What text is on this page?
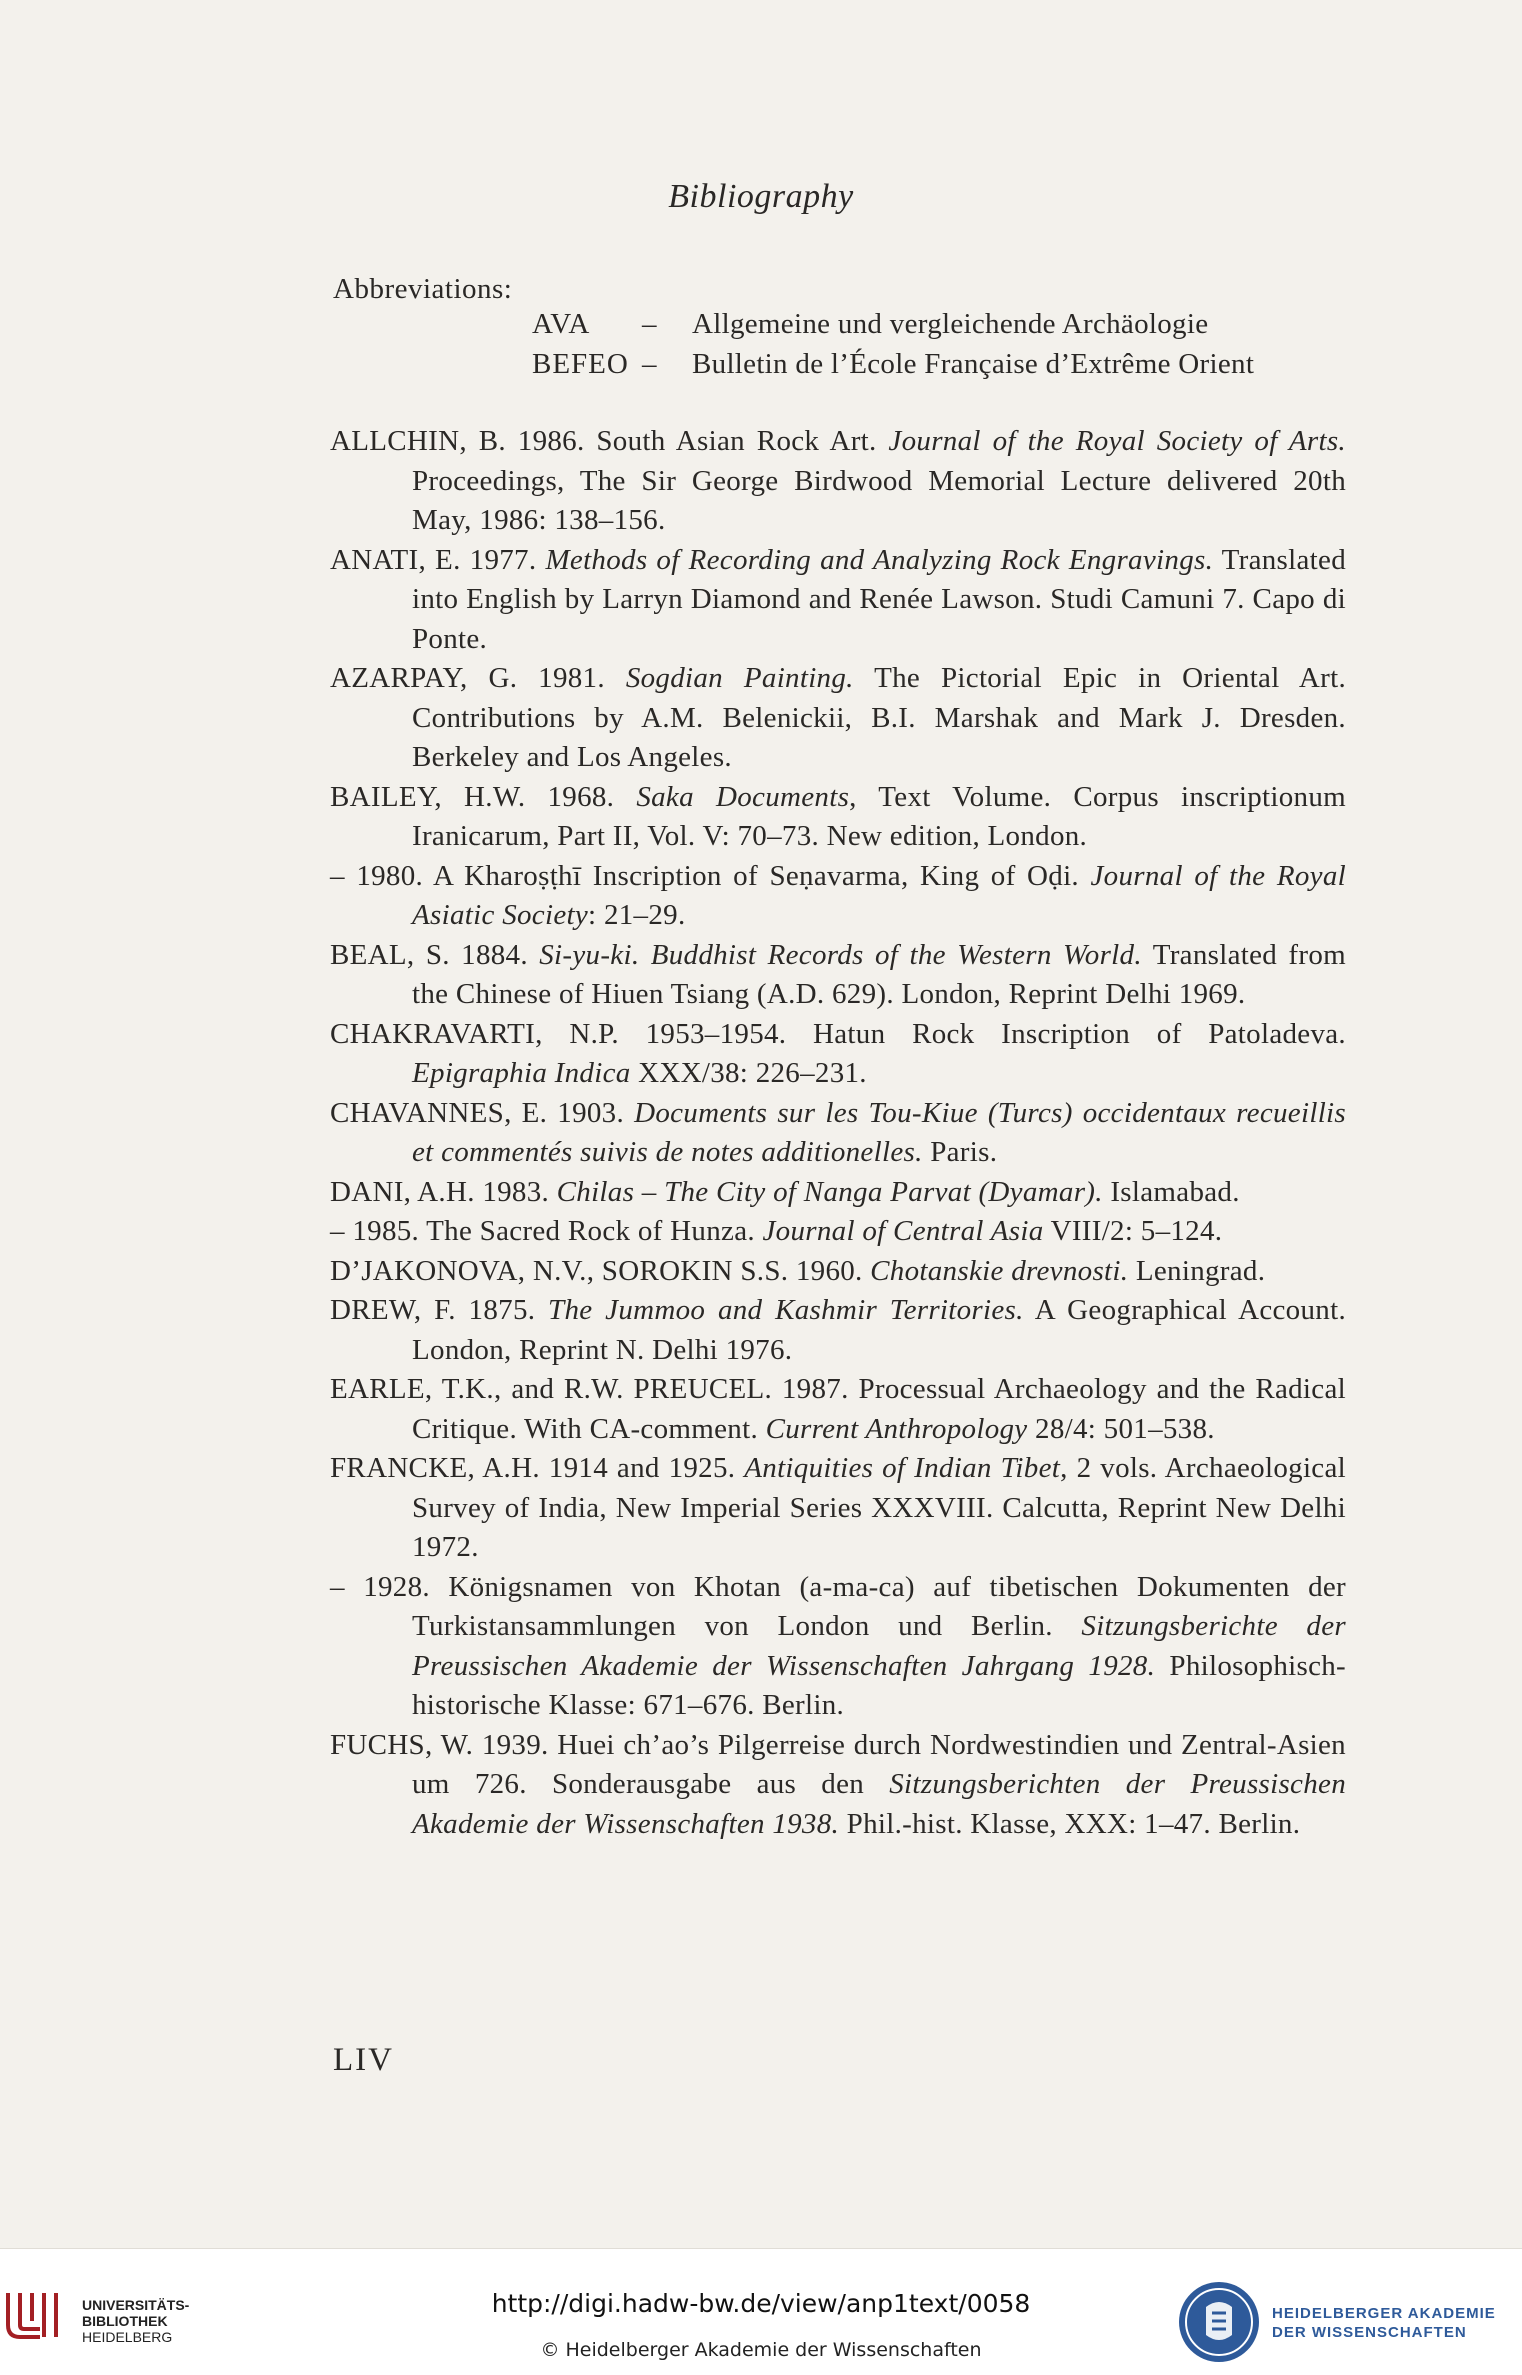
Bibliography
Abbreviations:
AVA – Allgemeine und vergleichende Archäologie
BEFEO – Bulletin de l’École Française d’Extrême Orient
ALLCHIN, B. 1986. South Asian Rock Art. Journal of the Royal Society of Arts. Proceedings, The Sir George Birdwood Memorial Lecture delivered 20th May, 1986: 138–156.
ANATI, E. 1977. Methods of Recording and Analyzing Rock Engravings. Translated into English by Larryn Diamond and Renée Lawson. Studi Camuni 7. Capo di Ponte.
AZARPAY, G. 1981. Sogdian Painting. The Pictorial Epic in Oriental Art. Contributions by A.M. Belenickii, B.I. Marshak and Mark J. Dresden. Berkeley and Los Angeles.
BAILEY, H.W. 1968. Saka Documents, Text Volume. Corpus inscriptionum Iranicarum, Part II, Vol. V: 70–73. New edition, London.
– 1980. A Kharoṣṭhī Inscription of Seṇavarma, King of Oḍi. Journal of the Royal Asiatic Society: 21–29.
BEAL, S. 1884. Si-yu-ki. Buddhist Records of the Western World. Translated from the Chinese of Hiuen Tsiang (A.D. 629). London, Reprint Delhi 1969.
CHAKRAVARTI, N.P. 1953–1954. Hatun Rock Inscription of Patoladeva. Epigraphia Indica XXX/38: 226–231.
CHAVANNES, E. 1903. Documents sur les Tou-Kiue (Turcs) occidentaux recueillis et commentés suivis de notes additionelles. Paris.
DANI, A.H. 1983. Chilas – The City of Nanga Parvat (Dyamar). Islamabad.
– 1985. The Sacred Rock of Hunza. Journal of Central Asia VIII/2: 5–124.
D’JAKONOVA, N.V., SOROKIN S.S. 1960. Chotanskie drevnosti. Leningrad.
DREW, F. 1875. The Jummoo and Kashmir Territories. A Geographical Account. London, Reprint N. Delhi 1976.
EARLE, T.K., and R.W. PREUCEL. 1987. Processual Archaeology and the Radical Critique. With CA-comment. Current Anthropology 28/4: 501–538.
FRANCKE, A.H. 1914 and 1925. Antiquities of Indian Tibet, 2 vols. Archaeological Survey of India, New Imperial Series XXXVIII. Calcutta, Reprint New Delhi 1972.
– 1928. Königsnamen von Khotan (a-ma-ca) auf tibetischen Dokumenten der Turkistansammlungen von London und Berlin. Sitzungsberichte der Preussischen Akademie der Wissenschaften Jahrgang 1928. Philosophisch-historische Klasse: 671–676. Berlin.
FUCHS, W. 1939. Huei ch’ao’s Pilgerreise durch Nordwestindien und Zentral-Asien um 726. Sonderausgabe aus den Sitzungsberichten der Preussischen Akademie der Wissenschaften 1938. Phil.-hist. Klasse, XXX: 1–47. Berlin.
LIV
UNIVERSITÄTS-
BIBLIOTHEK
HEIDELBERG
http://digi.hadw-bw.de/view/anp1text/0058
© Heidelberger Akademie der Wissenschaften
HEIDELBERGER AKADEMIE
DER WISSENSCHAFTEN
